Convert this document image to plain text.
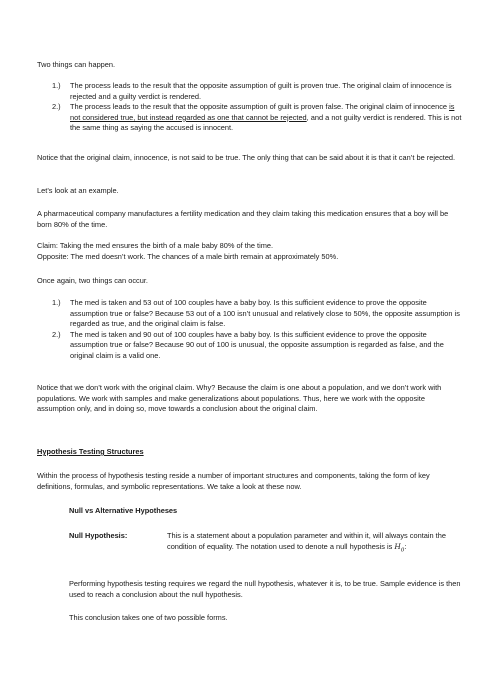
Two things can happen.

1.)	The process leads to the result that the opposite assumption of guilt is proven true. The original claim of innocence is rejected and a guilty verdict is rendered.
2.)	The process leads to the result that the opposite assumption of guilt is proven false. The original claim of innocence is not considered true, but instead regarded as one that cannot be rejected, and a not guilty verdict is rendered. This is not the same thing as saying the accused is innocent.

Notice that the original claim, innocence, is not said to be true. The only thing that can be said about it is that it can’t be rejected.

Let’s look at an example.

A pharmaceutical company manufactures a fertility medication and they claim taking this medication ensures that a boy will be born 80% of the time.

Claim: Taking the med ensures the birth of a male baby 80% of the time.

Opposite: The med doesn’t work. The chances of a male birth remain at approximately 50%.

Once again, two things can occur.

1.)	The med is taken and 53 out of 100 couples have a baby boy. Is this sufficient evidence to prove the opposite assumption true or false? Because 53 out of a 100 isn’t unusual and relatively close to 50%, the opposite assumption is regarded as true, and the original claim is false.
2.)	The med is taken and 90 out of 100 couples have a baby boy. Is this sufficient evidence to prove the opposite assumption true or false? Because 90 out of 100 is unusual, the opposite assumption is regarded as false, and the original claim is a valid one.

Notice that we don’t work with the original claim. Why? Because the claim is one about a population, and we don’t work with populations. We work with samples and make generalizations about populations. Thus, here we work with the opposite assumption only, and in doing so, move towards a conclusion about the original claim.

Hypothesis Testing Structures

Within the process of hypothesis testing reside a number of important structures and components, taking the form of key definitions, formulas, and symbolic representations. We take a look at these now.

Null vs Alternative Hypotheses

Null Hypothesis:	This is a statement about a population parameter and within it, will always contain the condition of equality. The notation used to denote a null hypothesis is $H_0$:

Performing hypothesis testing requires we regard the null hypothesis, whatever it is, to be true. Sample evidence is then used to reach a conclusion about the null hypothesis.

This conclusion takes one of two possible forms.
